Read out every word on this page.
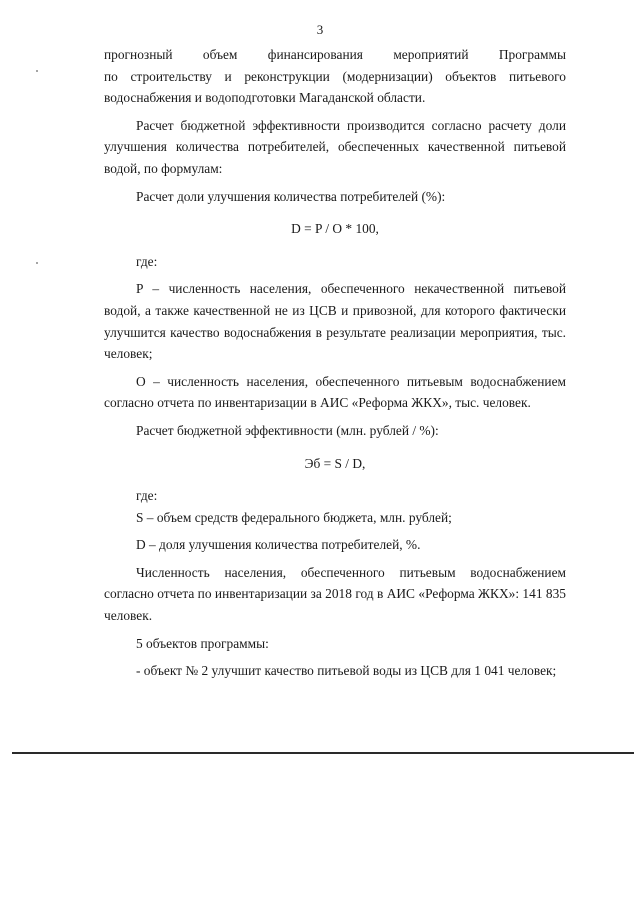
3

прогнозный объем финансирования мероприятий Программы

по строительству и реконструкции (модернизации) объектов питьевого водоснабжения и водоподготовки Магаданской области.

Расчет бюджетной эффективности производится согласно расчету доли улучшения количества потребителей, обеспеченных качественной питьевой водой, по формулам:

Расчет доли улучшения количества потребителей (%):

D = P / O * 100,

где:

P – численность населения, обеспеченного некачественной питьевой водой, а также качественной не из ЦСВ и привозной, для которого фактически улучшится качество водоснабжения в результате реализации мероприятия, тыс. человек;

O – численность населения, обеспеченного питьевым водоснабжением согласно отчета по инвентаризации в АИС «Реформа ЖКХ», тыс. человек.

Расчет бюджетной эффективности (млн. рублей / %):

Эб = S / D,

где:

S – объем средств федерального бюджета, млн. рублей;

D – доля улучшения количества потребителей, %.

Численность населения, обеспеченного питьевым водоснабжением согласно отчета по инвентаризации за 2018 год в АИС «Реформа ЖКХ»: 141 835 человек.

5 объектов программы:

- объект № 2 улучшит качество питьевой воды из ЦСВ для 1 041 человек;
